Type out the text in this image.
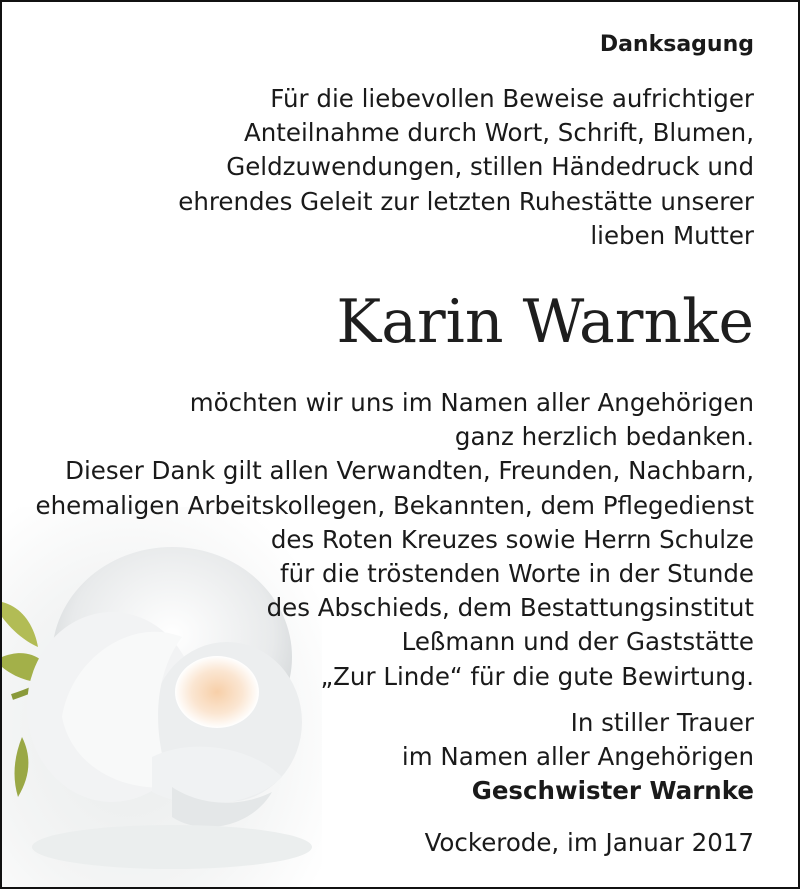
Danksagung
Für die liebevollen Beweise aufrichtiger
Anteilnahme durch Wort, Schrift, Blumen,
Geldzuwendungen, stillen Händedruck und
ehrendes Geleit zur letzten Ruhestätte unserer
lieben Mutter
Karin Warnke
möchten wir uns im Namen aller Angehörigen
ganz herzlich bedanken.
Dieser Dank gilt allen Verwandten, Freunden, Nachbarn,
ehemaligen Arbeitskollegen, Bekannten, dem Pflegedienst
des Roten Kreuzes sowie Herrn Schulze
für die tröstenden Worte in der Stunde
des Abschieds, dem Bestattungsinstitut
Leßmann und der Gaststätte
„Zur Linde“ für die gute Bewirtung.
In stiller Trauer
im Namen aller Angehörigen
Geschwister Warnke
Vockerode, im Januar 2017
